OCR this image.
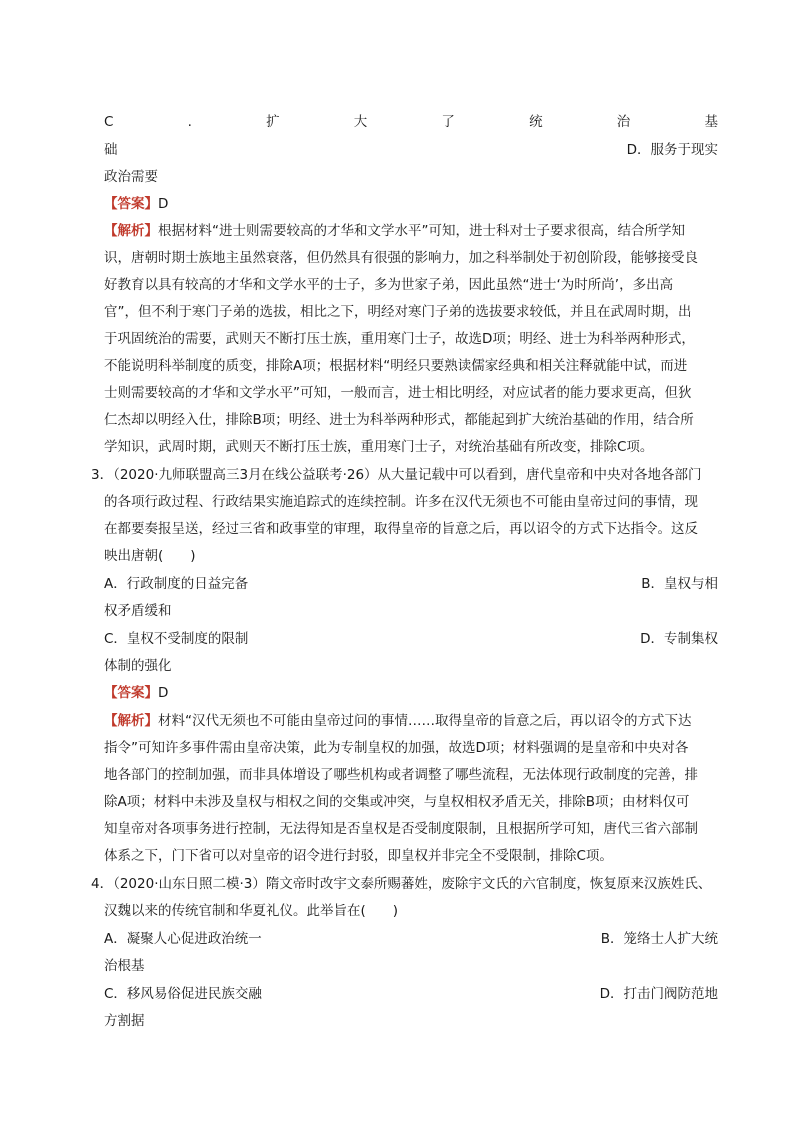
C	.	扩	大	了	统	治	基
础	D．服务于现实
政治需要
【答案】D
【解析】根据材料“进士则需要较高的才华和文学水平”可知，进士科对士子要求很高，结合所学知
识，唐朝时期士族地主虽然衰落，但仍然具有很强的影响力，加之科举制处于初创阶段，能够接受良
好教育以具有较高的才华和文学水平的士子，多为世家子弟，因此虽然“进士‘为时所尚’，多出高
官”，但不利于寒门子弟的选拔，相比之下，明经对寒门子弟的选拔要求较低，并且在武周时期，出
于巩固统治的需要，武则天不断打压士族，重用寒门士子，故选D项；明经、进士为科举两种形式，
不能说明科举制度的质变，排除A项；根据材料“明经只要熟读儒家经典和相关注释就能中试，而进
士则需要较高的才华和文学水平”可知，一般而言，进士相比明经，对应试者的能力要求更高，但狄
仁杰却以明经入仕，排除B项；明经、进士为科举两种形式，都能起到扩大统治基础的作用，结合所
学知识，武周时期，武则天不断打压士族，重用寒门士子，对统治基础有所改变，排除C项。
3．（2020·九师联盟高三3月在线公益联考·26）从大量记载中可以看到，唐代皇帝和中央对各地各部门
的各项行政过程、行政结果实施追踪式的连续控制。许多在汉代无须也不可能由皇帝过问的事情，现
在都要奏报呈送，经过三省和政事堂的审理，取得皇帝的旨意之后，再以诏令的方式下达指令。这反
映出唐朝(　　)
A．行政制度的日益完备	B．皇权与相
权矛盾缓和
C．皇权不受制度的限制	D．专制集权
体制的强化
【答案】D
【解析】材料“汉代无须也不可能由皇帝过问的事情……取得皇帝的旨意之后，再以诏令的方式下达
指令”可知许多事件需由皇帝决策，此为专制皇权的加强，故选D项；材料强调的是皇帝和中央对各
地各部门的控制加强，而非具体增设了哪些机构或者调整了哪些流程，无法体现行政制度的完善，排
除A项；材料中未涉及皇权与相权之间的交集或冲突，与皇权相权矛盾无关，排除B项；由材料仅可
知皇帝对各项事务进行控制，无法得知是否皇权是否受制度限制，且根据所学可知，唐代三省六部制
体系之下，门下省可以对皇帝的诏令进行封驳，即皇权并非完全不受限制，排除C项。
4．（2020·山东日照二模·3）隋文帝时改宇文泰所赐蕃姓，废除宇文氏的六官制度，恢复原来汉族姓氏、
汉魏以来的传统官制和华夏礼仪。此举旨在(　　)
A．凝聚人心促进政治统一	B．笼络士人扩大统
治根基
C．移风易俗促进民族交融	D．打击门阀防范地
方割据
